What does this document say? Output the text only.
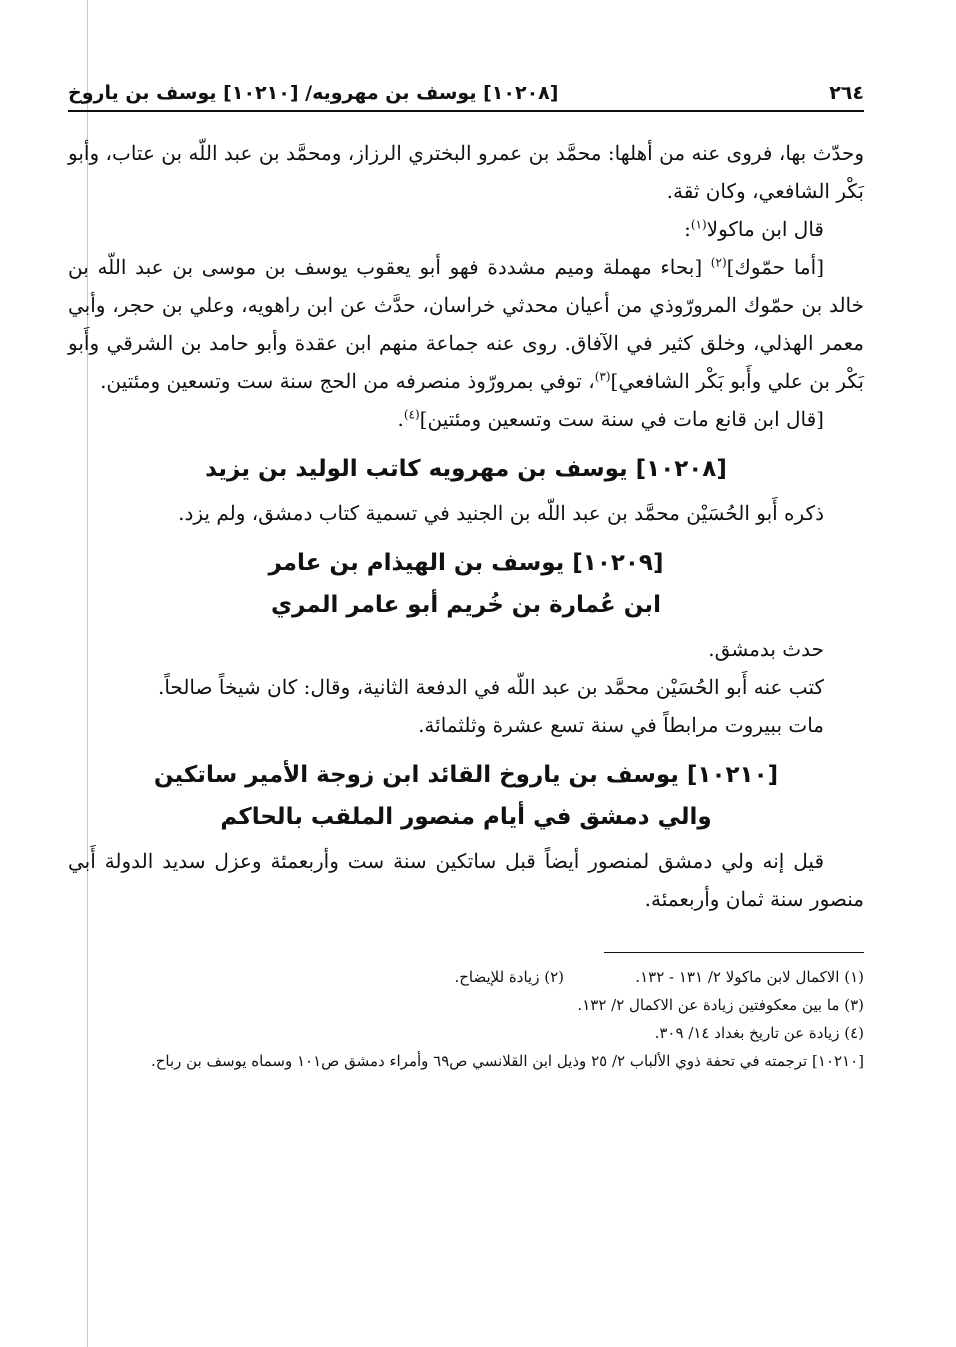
٢٦٤
[١٠٢٠٨] يوسف بن مهرويه/ [١٠٢١٠] يوسف بن ياروخ

وحدّث بها، فروى عنه من أهلها: محمَّد بن عمرو البختري الرزاز، ومحمَّد بن عبد اللّه بن عتاب، وأبو بَكْر الشافعي، وكان ثقة.

قال ابن ماكولا$^{(١)}$:

[أما حمّوك]$^{(٢)}$ [بحاء مهملة وميم مشددة فهو أبو يعقوب يوسف بن موسى بن عبد اللّه بن خالد بن حمّوك المرورّوذي من أعيان محدثي خراسان، حدَّث عن ابن راهويه، وعلي بن حجر، وأبي معمر الهذلي، وخلق كثير في الآفاق. روى عنه جماعة منهم ابن عقدة وأبو حامد بن الشرقي وأَبو بَكْر بن علي وأَبو بَكْر الشافعي]$^{(٣)}$، توفي بمرورّوذ منصرفه من الحج سنة ست وتسعين ومئتين.

[قال ابن قانع مات في سنة ست وتسعين ومئتين]$^{(٤)}$.

[١٠٢٠٨] يوسف بن مهرويه كاتب الوليد بن يزيد

ذكره أَبو الحُسَيْن محمَّد بن عبد اللّه بن الجنيد في تسمية كتاب دمشق، ولم يزد.

[١٠٢٠٩] يوسف بن الهيذام بن عامر
ابن عُمارة بن خُريم أبو عامر المري

حدث بدمشق.

كتب عنه أَبو الحُسَيْن محمَّد بن عبد اللّه في الدفعة الثانية، وقال: كان شيخاً صالحاً.

مات ببيروت مرابطاً في سنة تسع عشرة وثلثمائة.

[١٠٢١٠] يوسف بن ياروخ القائد ابن زوجة الأمير ساتكين
والي دمشق في أيام منصور الملقب بالحاكم

قيل إنه ولي دمشق لمنصور أيضاً قبل ساتكين سنة ست وأربعمئة وعزل سديد الدولة أَبي منصور سنة ثمان وأربعمئة.

(١) الاكمال لابن ماكولا ٢/ ١٣١ - ١٣٢.
(٢) زيادة للإيضاح.

(٣) ما بين معكوفتين زيادة عن الاكمال ٢/ ١٣٢.

(٤) زيادة عن تاريخ بغداد ١٤/ ٣٠٩.

[١٠٢١٠] ترجمته في تحفة ذوي الألباب ٢/ ٢٥ وذيل ابن القلانسي ص٦٩ وأمراء دمشق ص١٠١ وسماه يوسف بن رباح.
